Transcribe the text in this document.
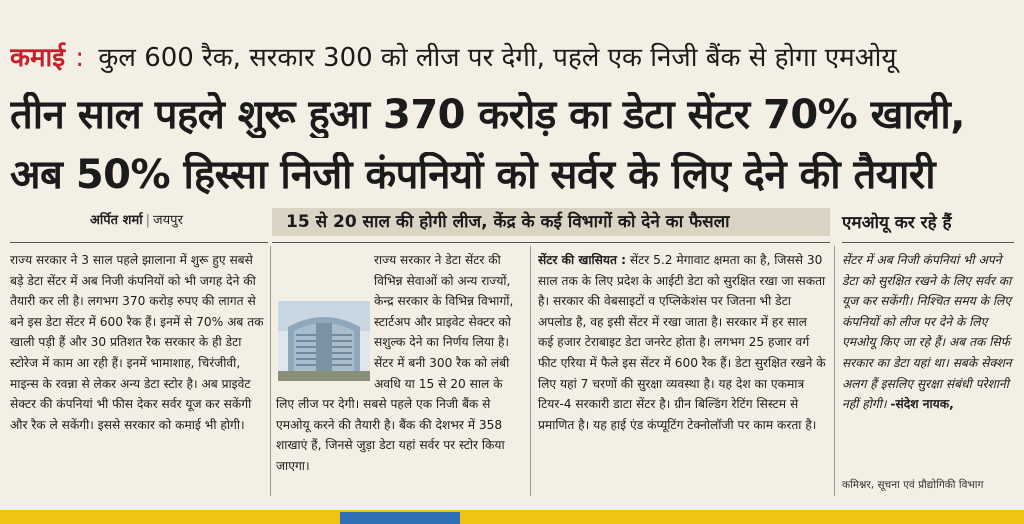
कमाई : कुल 600 रैक, सरकार 300 को लीज पर देगी, पहले एक निजी बैंक से होगा एमओयू
तीन साल पहले शुरू हुआ 370 करोड़ का डेटा सेंटर 70% खाली,
अब 50% हिस्सा निजी कंपनियों को सर्वर के लिए देने की तैयारी
अर्पित शर्मा | जयपुर	15 से 20 साल की होगी लीज, केंद्र के कई विभागों को देने का फैसला	एमओयू कर रहे हैं
राज्य सरकार ने 3 साल पहले झालाना में शुरू हुए सबसे बड़े डेटा सेंटर में अब निजी कंपनियों को भी जगह देने की तैयारी कर ली है। लगभग 370 करोड़ रुपए की लागत से बने इस डेटा सेंटर में 600 रैक हैं। इनमें से 70% अब तक खाली पड़ी हैं और 30 प्रतिशत रैक सरकार के ही डेटा स्टोरेज में काम आ रही हैं। इनमें भामाशाह, चिरंजीवी, माइन्स के रवन्ना से लेकर अन्य डेटा स्टोर है। अब प्राइवेट सेक्टर की कंपनियां भी फीस देकर सर्वर यूज कर सकेंगी और रैक ले सकेंगी। इससे सरकार को कमाई भी होगी।
राज्य सरकार ने डेटा सेंटर की विभिन्न सेवाओं को अन्य राज्यों, केन्द्र सरकार के विभिन्न विभागों, स्टार्टअप और प्राइवेट सेक्टर को सशुल्क देने का निर्णय लिया है। सेंटर में बनी 300 रैक को लंबी अवधि या 15 से 20 साल के लिए लीज पर देगी। सबसे पहले एक निजी बैंक से एमओयू करने की तैयारी है। बैंक की देशभर में 358 शाखाएं हैं, जिनसे जुड़ा डेटा यहां सर्वर पर स्टोर किया जाएगा।
सेंटर की खासियत : सेंटर 5.2 मेगावाट क्षमता का है, जिससे 30 साल तक के लिए प्रदेश के आईटी डेटा को सुरक्षित रखा जा सकता है। सरकार की वेबसाइटों व एप्लिकेशंस पर जितना भी डेटा अपलोड है, वह इसी सेंटर में रखा जाता है। सरकार में हर साल कई हजार टेराबाइट डेटा जनरेट होता है। लगभग 25 हजार वर्ग फीट एरिया में फैले इस सेंटर में 600 रैक हैं। डेटा सुरक्षित रखने के लिए यहां 7 चरणों की सुरक्षा व्यवस्था है। यह देश का एकमात्र टियर-4 सरकारी डाटा सेंटर है। ग्रीन बिल्डिंग रेटिंग सिस्टम से प्रमाणित है। यह हाई एंड कंप्यूटिंग टेक्नोलॉजी पर काम करता है।
सेंटर में अब निजी कंपनियां भी अपने डेटा को सुरक्षित रखने के लिए सर्वर का यूज कर सकेंगी। निश्चित समय के लिए कंपनियों को लीज पर देने के लिए एमओयू किए जा रहे हैं। अब तक सिर्फ सरकार का डेटा यहां था। सबके सेक्शन अलग हैं इसलिए सुरक्षा संबंधी परेशानी नहीं होगी। -संदेश नायक,
कमिश्नर, सूचना एवं प्रौद्योगिकी विभाग
